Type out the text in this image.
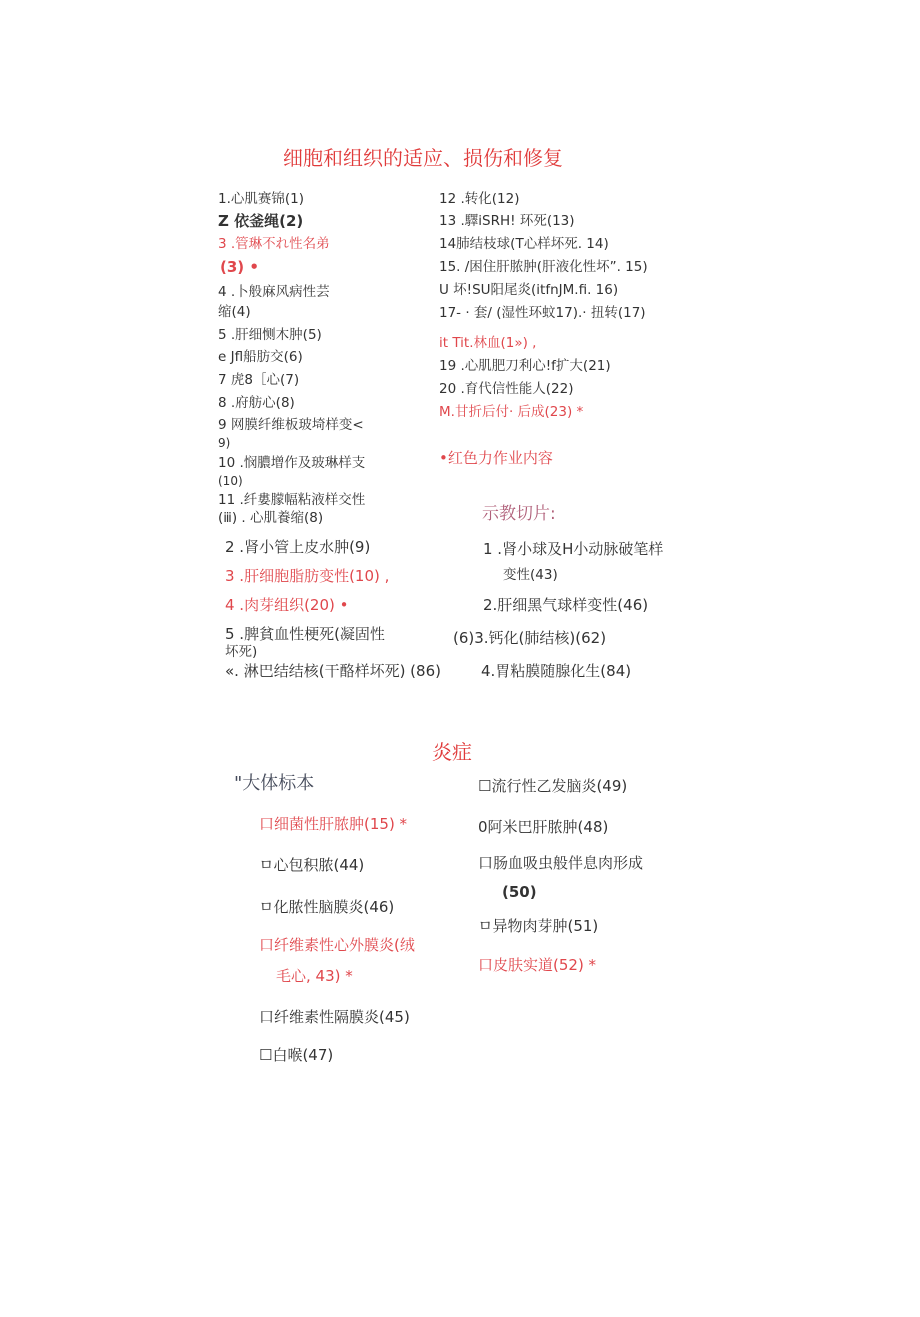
细胞和组织的适应、损伤和修复
1.心肌赛锦(1)
Z 依釜绳(2)
3 .管琳不れ性名弟
(3) •
4 .卜般麻风病性芸
缩(4)
5 .肝细恻木肿(5)
e Jfl船肪交(6)
7 虎8［心(7)
8 .府舫心(8)
9 网膜纤维板玻埼样变<
9)
10 .悯膿增作及玻琳样支
(10)
11 .纤婁朦幅粘液样交性
(ⅲ) . 心肌養缩(8)
12 .转化(12)
13 .驛iSRH! 环死(13)
14肺结枝球(T心样坏死. 14)
15. /困住肝脓肿(肝液化性坏”. 15)
U 坏!SU阳尾炎(itfnJM.fi. 16)
17- · 套/ (湿性环蚊17).· 扭转(17)
it Tit.林血(1») ,
19 .心肌肥刀利心!f扩大(21)
20 .育代信性能人(22)
M.甘折后付· 后成(23) *
•红色力作业内容
2 .肾小管上皮水肿(9)
3 .肝细胞脂肪变性(10) ,
4 .肉芽组织(20) •
5 .脾貧血性梗死(凝固性
坏死)
«. 淋巴结结核(干酪样坏死) (86)
示教切片:
1 .肾小球及H小动脉破笔样
变性(43)
2.肝细黑气球样变性(46)
(6)3.钙化(肺结核)(62)
4.胃粘膜随腺化生(84)
炎症
"大体标本
口细菌性肝脓肿(15) *
ㅁ心包积脓(44)
ㅁ化脓性脑膜炎(46)
口纤维素性心外膜炎(绒
毛心, 43) *
口纤维素性隔膜炎(45)
☐白喉(47)
☐流行性乙发脑炎(49)
0阿米巴肝脓肿(48)
口肠血吸虫般伴息肉形成
(50)
ㅁ异物肉芽肿(51)
口皮肤实道(52) *
